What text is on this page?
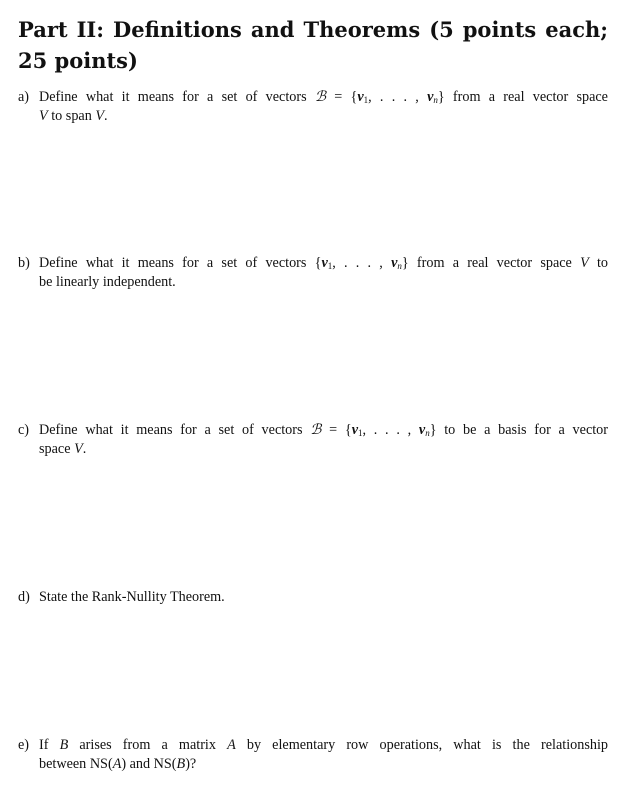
Part II: Definitions and Theorems (5 points each; 25 points)
a) Define what it means for a set of vectors ℬ = {$v_1$, . . . , $v_n$} from a real vector space
V to span V.
b) Define what it means for a set of vectors {$v_1$, . . . , $v_n$} from a real vector space V to
be linearly independent.
c) Define what it means for a set of vectors ℬ = {$v_1$, . . . , $v_n$} to be a basis for a vector
space V.
d) State the Rank-Nullity Theorem.
e) If B arises from a matrix A by elementary row operations, what is the relationship
between NS(A) and NS(B)?
